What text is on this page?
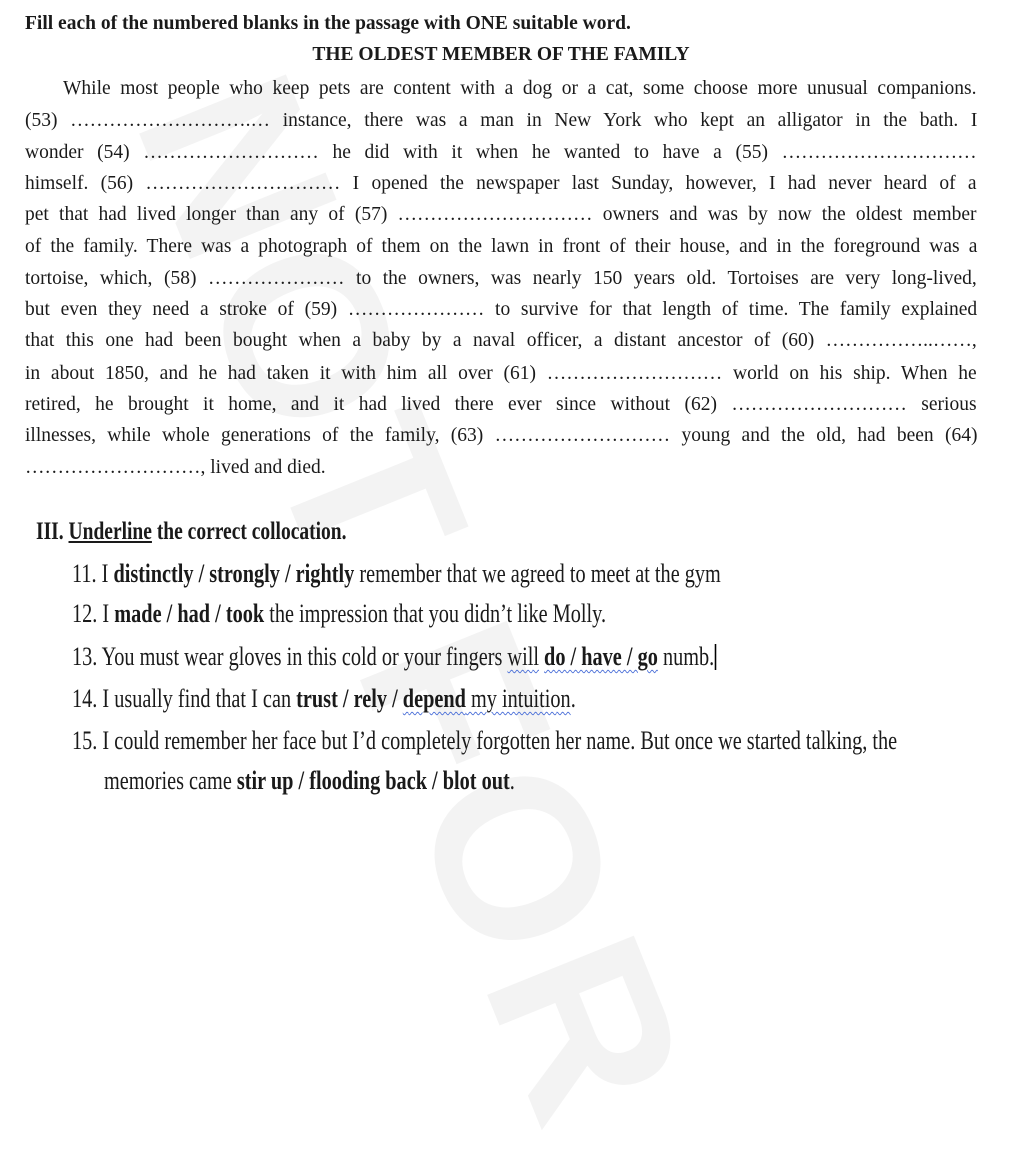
Fill each of the numbered blanks in the passage with ONE suitable word.
THE OLDEST MEMBER OF THE FAMILY
While most people who keep pets are content with a dog or a cat, some choose more unusual companions.
(53) ……………………….… instance, there was a man in New York who kept an alligator in the bath. I
wonder (54) ……………………… he did with it when he wanted to have a (55) …………………………
himself. (56) ………………………… I opened the newspaper last Sunday, however, I had never heard of a
pet that had lived longer than any of (57) ………………………… owners and was by now the oldest member
of the family. There was a photograph of them on the lawn in front of their house, and in the foreground was a
tortoise, which, (58) ………………… to the owners, was nearly 150 years old. Tortoises are very long-lived,
but even they need a stroke of (59) ………………… to survive for that length of time. The family explained
that this one had been bought when a baby by a naval officer, a distant ancestor of (60) ……………..……,
in about 1850, and he had taken it with him all over (61) ……………………… world on his ship. When he
retired, he brought it home, and it had lived there ever since without (62) ……………………… serious
illnesses, while whole generations of the family, (63) ……………………… young and the old, had been (64)
………………………, lived and died.
III. Underline the correct collocation.
11. I distinctly / strongly / rightly remember that we agreed to meet at the gym
12. I made / had / took the impression that you didn’t like Molly.
13. You must wear gloves in this cold or your fingers will do / have / go numb.
14. I usually find that I can trust / rely / depend my intuition.
15. I could remember her face but I’d completely forgotten her name. But once we started talking, the
memories came stir up / flooding back / blot out.
